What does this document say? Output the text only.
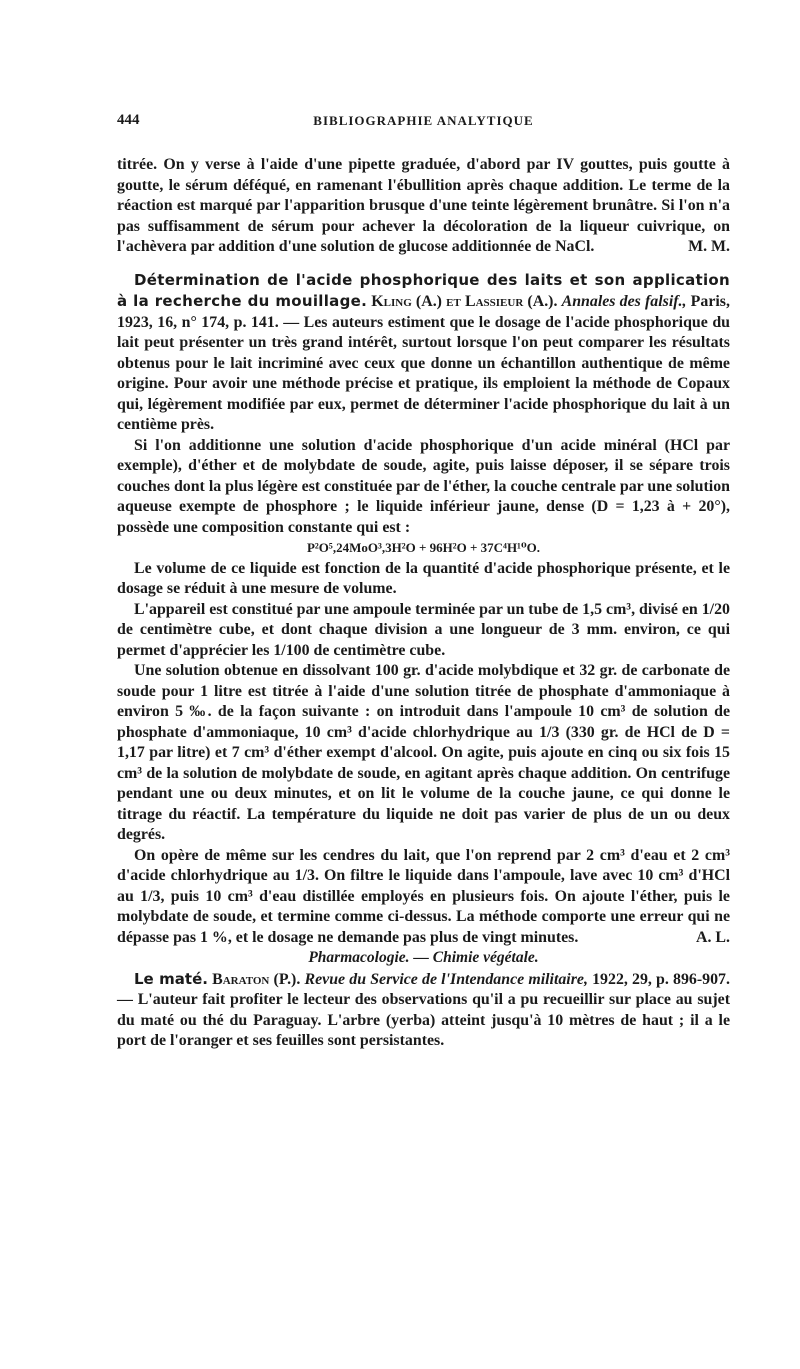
444	BIBLIOGRAPHIE ANALYTIQUE

titrée. On y verse à l'aide d'une pipette graduée, d'abord par IV gouttes, puis goutte à goutte, le sérum déféqué, en ramenant l'ébullition après chaque addition. Le terme de la réaction est marqué par l'apparition brusque d'une teinte légèrement brunâtre. Si l'on n'a pas suffisamment de sérum pour achever la décoloration de la liqueur cuivrique, on l'achèvera par addition d'une solution de glucose additionnée de NaCl.	M. M.

Détermination de l'acide phosphorique des laits et son application à la recherche du mouillage. Kling (A.) et Lassieur (A.). Annales des falsif., Paris, 1923, 16, n° 174, p. 141. — Les auteurs estiment que le dosage de l'acide phosphorique du lait peut présenter un très grand intérêt, surtout lorsque l'on peut comparer les résultats obtenus pour le lait incriminé avec ceux que donne un échantillon authentique de même origine. Pour avoir une méthode précise et pratique, ils emploient la méthode de Copaux qui, légèrement modifiée par eux, permet de déterminer l'acide phosphorique du lait à un centième près.

Si l'on additionne une solution d'acide phosphorique d'un acide minéral (HCl par exemple), d'éther et de molybdate de soude, agite, puis laisse déposer, il se sépare trois couches dont la plus légère est constituée par de l'éther, la couche centrale par une solution aqueuse exempte de phosphore ; le liquide inférieur jaune, dense (D = 1,23 à + 20°), possède une composition constante qui est :

P²O⁵,24MoO³,3H²O + 96H²O + 37C⁴H¹⁰O.

Le volume de ce liquide est fonction de la quantité d'acide phosphorique présente, et le dosage se réduit à une mesure de volume.

L'appareil est constitué par une ampoule terminée par un tube de 1,5 cm³, divisé en 1/20 de centimètre cube, et dont chaque division a une longueur de 3 mm. environ, ce qui permet d'apprécier les 1/100 de centimètre cube.

Une solution obtenue en dissolvant 100 gr. d'acide molybdique et 32 gr. de carbonate de soude pour 1 litre est titrée à l'aide d'une solution titrée de phosphate d'ammoniaque à environ 5 ‰. de la façon suivante : on introduit dans l'ampoule 10 cm³ de solution de phosphate d'ammoniaque, 10 cm³ d'acide chlorhydrique au 1/3 (330 gr. de HCl de D = 1,17 par litre) et 7 cm³ d'éther exempt d'alcool. On agite, puis ajoute en cinq ou six fois 15 cm³ de la solution de molybdate de soude, en agitant après chaque addition. On centrifuge pendant une ou deux minutes, et on lit le volume de la couche jaune, ce qui donne le titrage du réactif. La température du liquide ne doit pas varier de plus de un ou deux degrés.

On opère de même sur les cendres du lait, que l'on reprend par 2 cm³ d'eau et 2 cm³ d'acide chlorhydrique au 1/3. On filtre le liquide dans l'ampoule, lave avec 10 cm³ d'HCl au 1/3, puis 10 cm³ d'eau distillée employés en plusieurs fois. On ajoute l'éther, puis le molybdate de soude, et termine comme ci-dessus. La méthode comporte une erreur qui ne dépasse pas 1 %, et le dosage ne demande pas plus de vingt minutes.	A. L.

Pharmacologie. — Chimie végétale.

Le maté. Baraton (P.). Revue du Service de l'Intendance militaire, 1922, 29, p. 896-907. — L'auteur fait profiter le lecteur des observations qu'il a pu recueillir sur place au sujet du maté ou thé du Paraguay. L'arbre (yerba) atteint jusqu'à 10 mètres de haut ; il a le port de l'oranger et ses feuilles sont persistantes.
